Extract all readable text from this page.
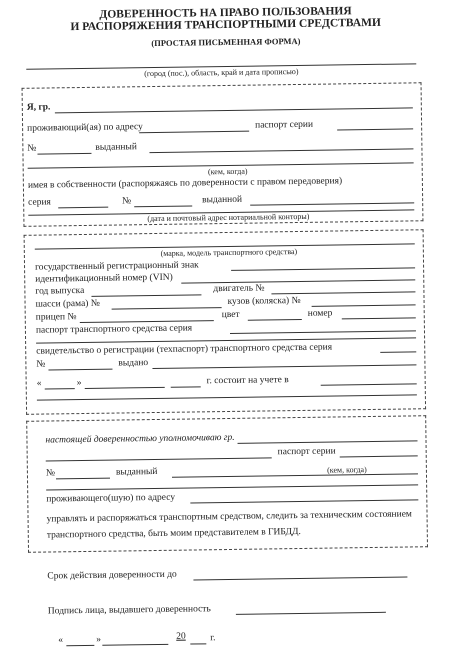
ДОВЕРЕННОСТЬ НА ПРАВО ПОЛЬЗОВАНИЯ
И РАСПОРЯЖЕНИЯ ТРАНСПОРТНЫМИ СРЕДСТВАМИ
(ПРОСТАЯ ПИСЬМЕННАЯ ФОРМА)
(город (пос.), область, край и дата прописью)
Я, гр.
проживающий(ая) по адресу	паспорт серии
№	выданный
(кем, когда)
имея в собственности (распоряжаясь по доверенности с правом передоверия)
серия	№	выданной
(дата и почтовый адрес нотариальной конторы)
(марка, модель транспортного средства)
государственный регистрационный знак
идентификационный номер (VIN)
год выпуска	двигатель №
шасси (рама) №	кузов (коляска) №
прицеп №	цвет	номер
паспорт транспортного средства серия
свидетельство о регистрации (техпаспорт) транспортного средства серия
№	выдано
«	»	г. состоит на учете в
настоящей доверенностью уполномочиваю гр.
паспорт серии
№	выданный	(кем, когда)
проживающего(шую) по адресу
управлять и распоряжаться транспортным средством, следить за техническим состоянием
транспортного средства, быть моим представителем в ГИБДД.
Срок действия доверенности до
Подпись лица, выдавшего доверенность
«	»	20	г.
